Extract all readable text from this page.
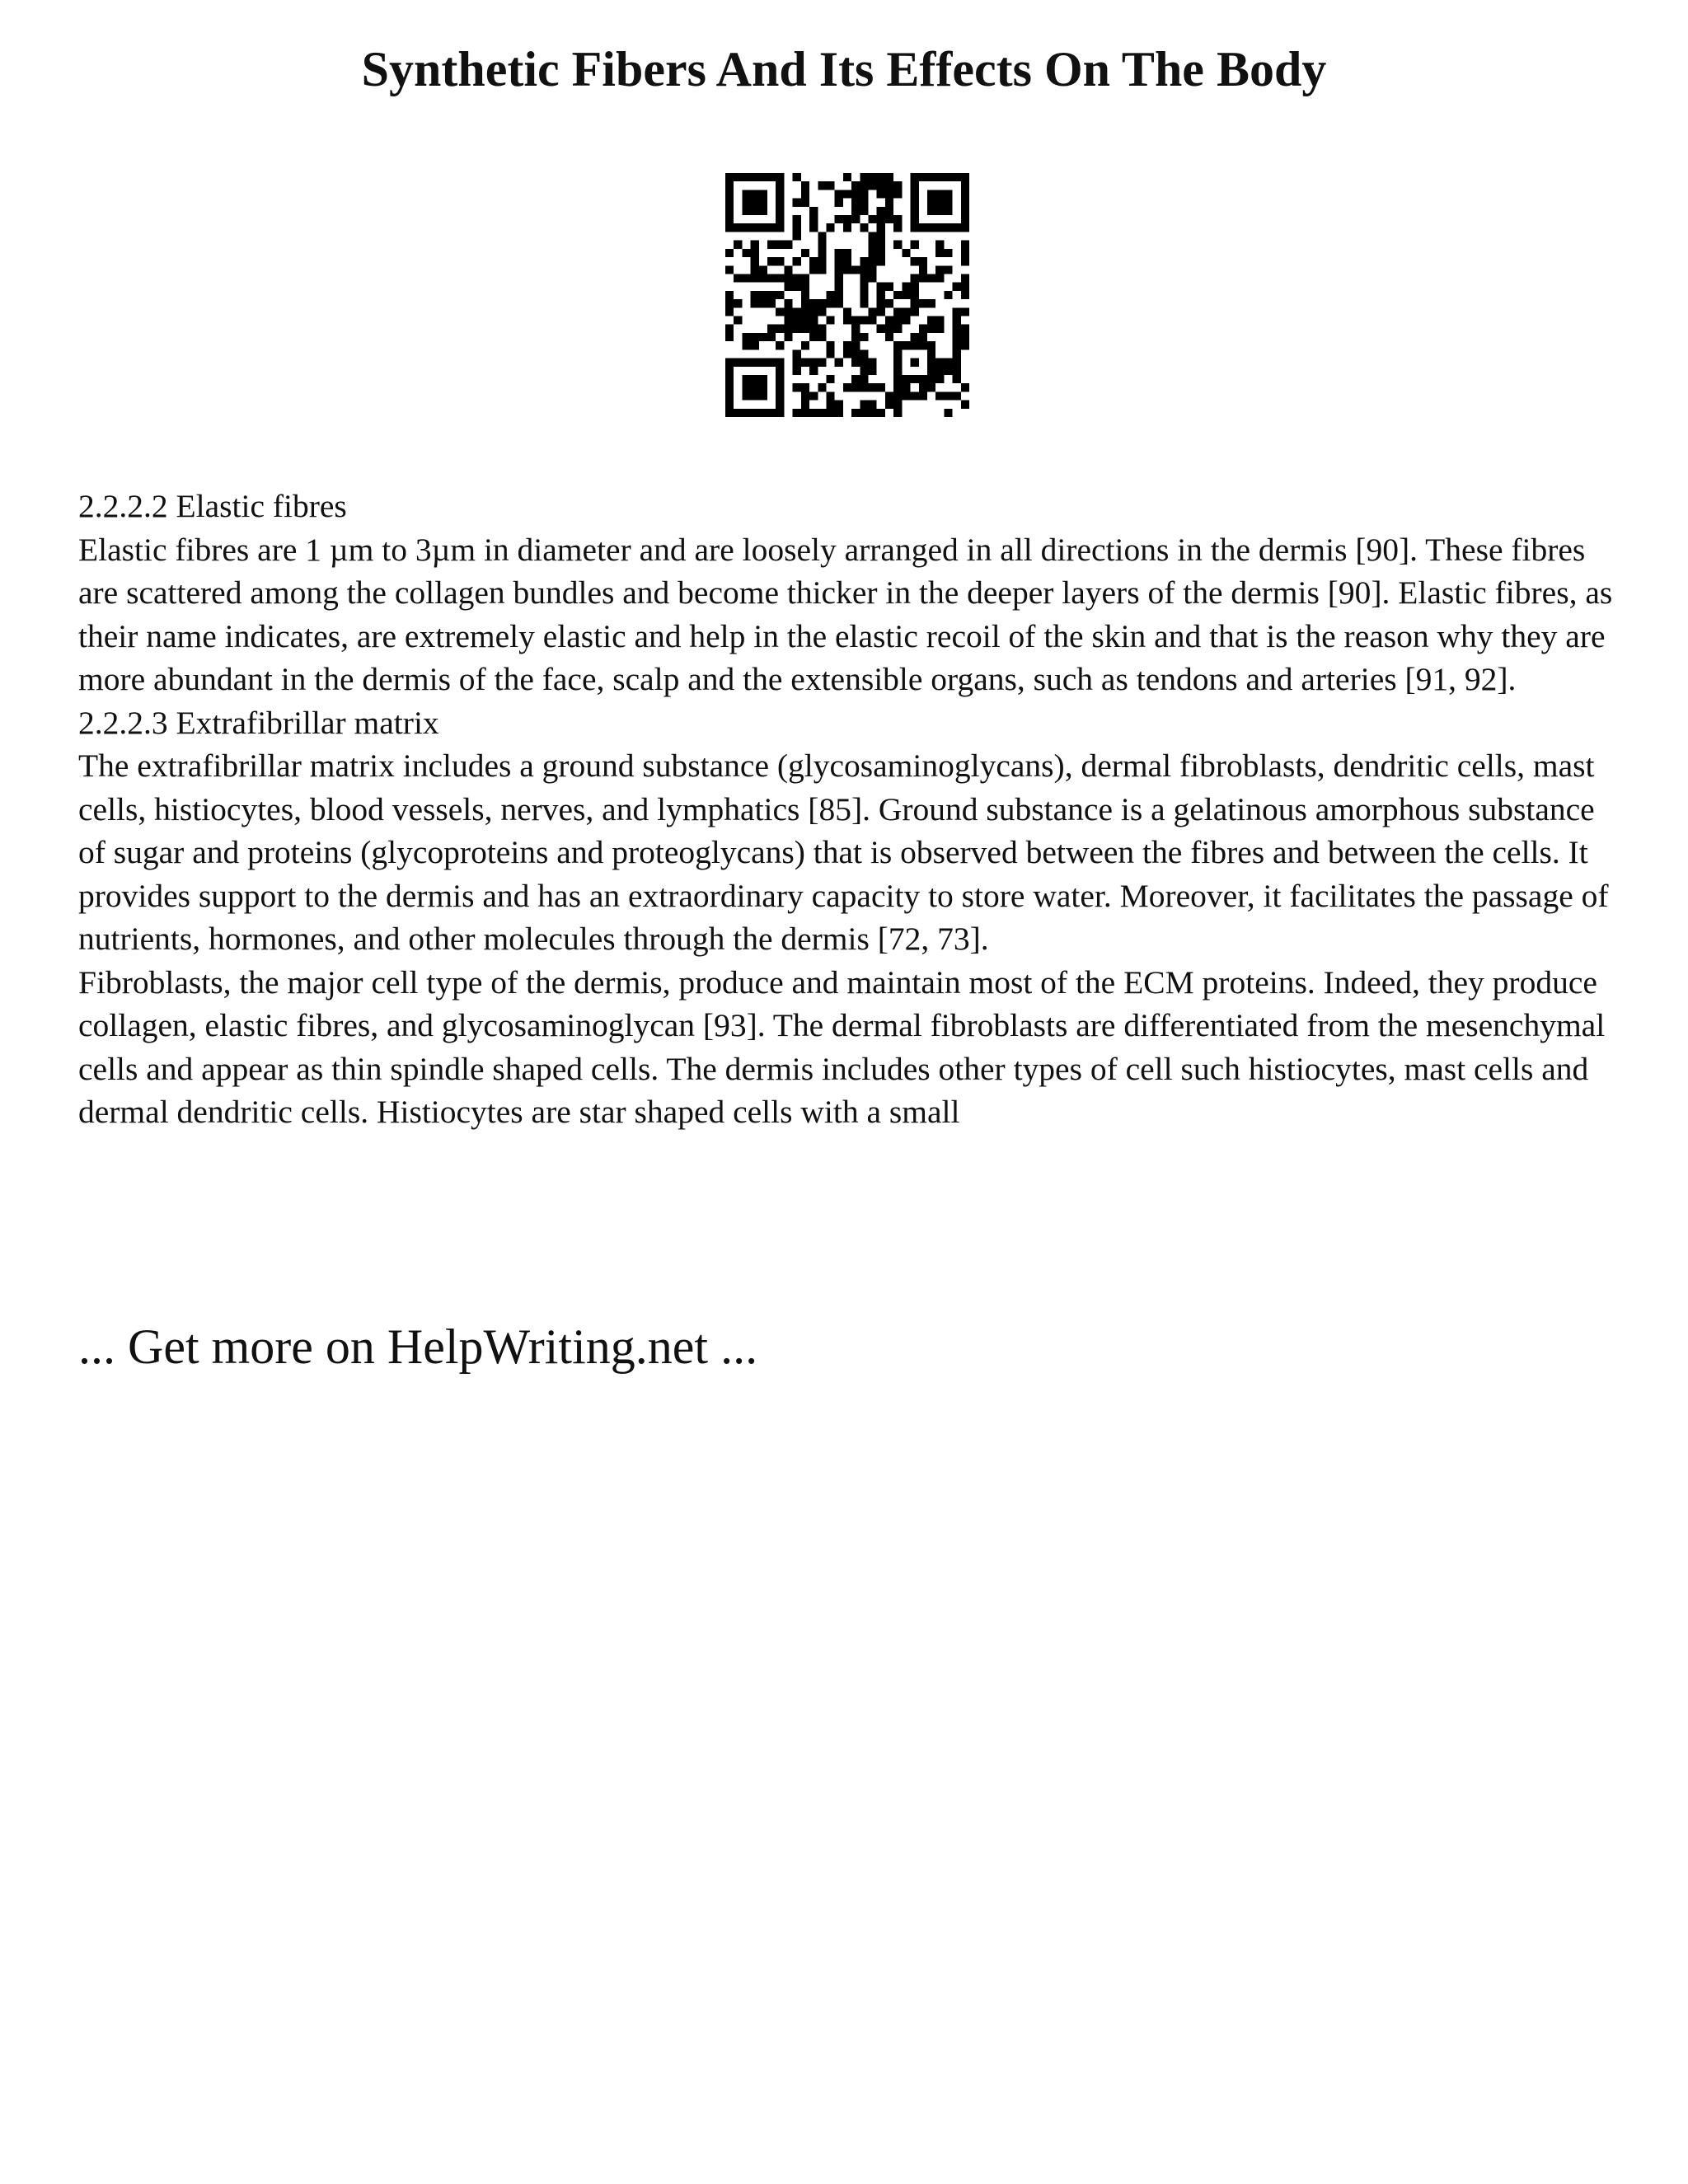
Synthetic Fibers And Its Effects On The Body

2.2.2.2 Elastic fibres

Elastic fibres are 1 µm to 3µm in diameter and are loosely arranged in all directions in the dermis [90]. These fibres are scattered among the collagen bundles and become thicker in the deeper layers of the dermis [90]. Elastic fibres, as their name indicates, are extremely elastic and help in the elastic recoil of the skin and that is the reason why they are more abundant in the dermis of the face, scalp and the extensible organs, such as tendons and arteries [91, 92].

2.2.2.3 Extrafibrillar matrix

The extrafibrillar matrix includes a ground substance (glycosaminoglycans), dermal fibroblasts, dendritic cells, mast cells, histiocytes, blood vessels, nerves, and lymphatics [85]. Ground substance is a gelatinous amorphous substance of sugar and proteins (glycoproteins and proteoglycans) that is observed between the fibres and between the cells. It provides support to the dermis and has an extraordinary capacity to store water. Moreover, it facilitates the passage of nutrients, hormones, and other molecules through the dermis [72, 73].

Fibroblasts, the major cell type of the dermis, produce and maintain most of the ECM proteins. Indeed, they produce collagen, elastic fibres, and glycosaminoglycan [93]. The dermal fibroblasts are differentiated from the mesenchymal cells and appear as thin spindle shaped cells. The dermis includes other types of cell such histiocytes, mast cells and dermal dendritic cells. Histiocytes are star shaped cells with a small

... Get more on HelpWriting.net ...
